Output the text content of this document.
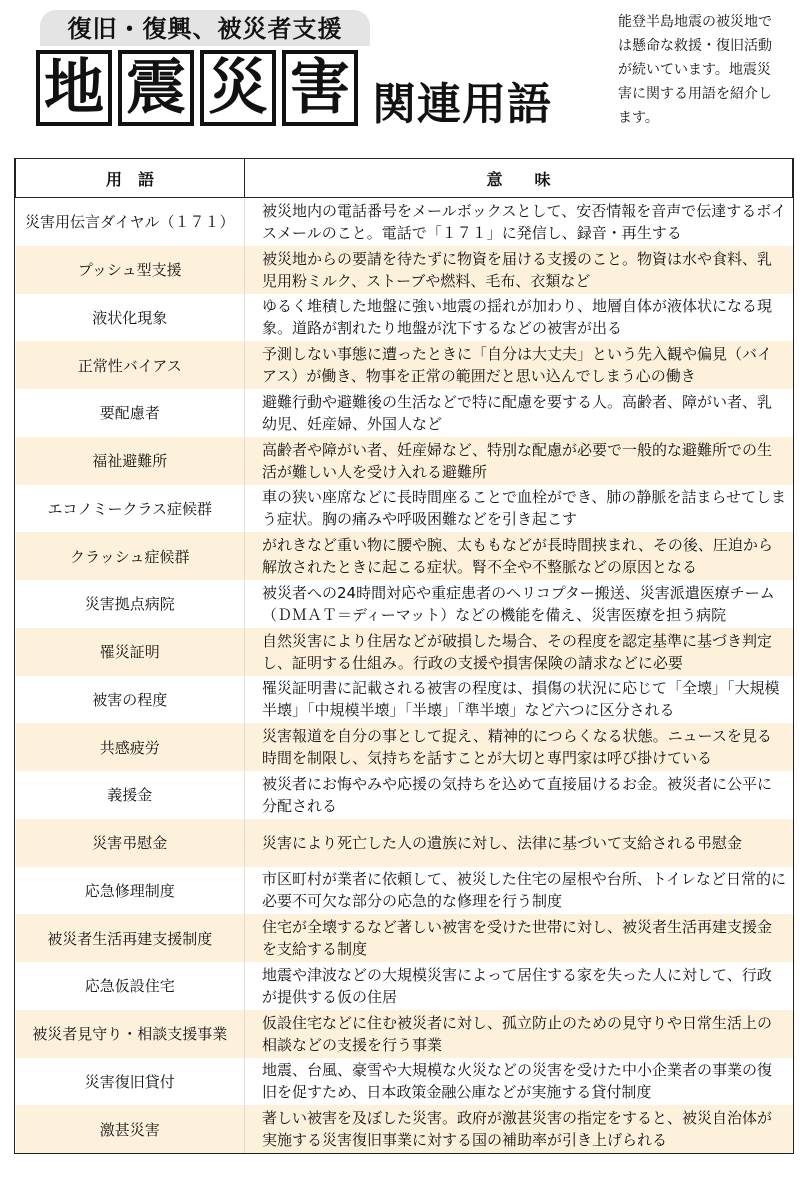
復旧・復興、被災者支援
地 震 災 害 関連用語
能登半島地震の被災地では懸命な救援・復旧活動が続いています。地震災害に関する用語を紹介します。
用　語	意　　味
災害用伝言ダイヤル（１７１）	被災地内の電話番号をメールボックスとして、安否情報を音声で伝達するボイスメールのこと。電話で「１７１」に発信し、録音・再生する
プッシュ型支援	被災地からの要請を待たずに物資を届ける支援のこと。物資は水や食料、乳児用粉ミルク、ストーブや燃料、毛布、衣類など
液状化現象	ゆるく堆積した地盤に強い地震の揺れが加わり、地層自体が液体状になる現象。道路が割れたり地盤が沈下するなどの被害が出る
正常性バイアス	予測しない事態に遭ったときに「自分は大丈夫」という先入観や偏見（バイアス）が働き、物事を正常の範囲だと思い込んでしまう心の働き
要配慮者	避難行動や避難後の生活などで特に配慮を要する人。高齢者、障がい者、乳幼児、妊産婦、外国人など
福祉避難所	高齢者や障がい者、妊産婦など、特別な配慮が必要で一般的な避難所での生活が難しい人を受け入れる避難所
エコノミークラス症候群	車の狭い座席などに長時間座ることで血栓ができ、肺の静脈を詰まらせてしまう症状。胸の痛みや呼吸困難などを引き起こす
クラッシュ症候群	がれきなど重い物に腰や腕、太ももなどが長時間挟まれ、その後、圧迫から解放されたときに起こる症状。腎不全や不整脈などの原因となる
災害拠点病院	被災者への24時間対応や重症患者のヘリコプター搬送、災害派遣医療チーム（ＤＭＡＴ＝ディーマット）などの機能を備え、災害医療を担う病院
罹災証明	自然災害により住居などが破損した場合、その程度を認定基準に基づき判定し、証明する仕組み。行政の支援や損害保険の請求などに必要
被害の程度	罹災証明書に記載される被害の程度は、損傷の状況に応じて「全壊」「大規模半壊」「中規模半壊」「半壊」「準半壊」など六つに区分される
共感疲労	災害報道を自分の事として捉え、精神的につらくなる状態。ニュースを見る時間を制限し、気持ちを話すことが大切と専門家は呼び掛けている
義援金	被災者にお悔やみや応援の気持ちを込めて直接届けるお金。被災者に公平に分配される
災害弔慰金	災害により死亡した人の遺族に対し、法律に基づいて支給される弔慰金
応急修理制度	市区町村が業者に依頼して、被災した住宅の屋根や台所、トイレなど日常的に必要不可欠な部分の応急的な修理を行う制度
被災者生活再建支援制度	住宅が全壊するなど著しい被害を受けた世帯に対し、被災者生活再建支援金を支給する制度
応急仮設住宅	地震や津波などの大規模災害によって居住する家を失った人に対して、行政が提供する仮の住居
被災者見守り・相談支援事業	仮設住宅などに住む被災者に対し、孤立防止のための見守りや日常生活上の相談などの支援を行う事業
災害復旧貸付	地震、台風、豪雪や大規模な火災などの災害を受けた中小企業者の事業の復旧を促すため、日本政策金融公庫などが実施する貸付制度
激甚災害	著しい被害を及ぼした災害。政府が激甚災害の指定をすると、被災自治体が実施する災害復旧事業に対する国の補助率が引き上げられる
